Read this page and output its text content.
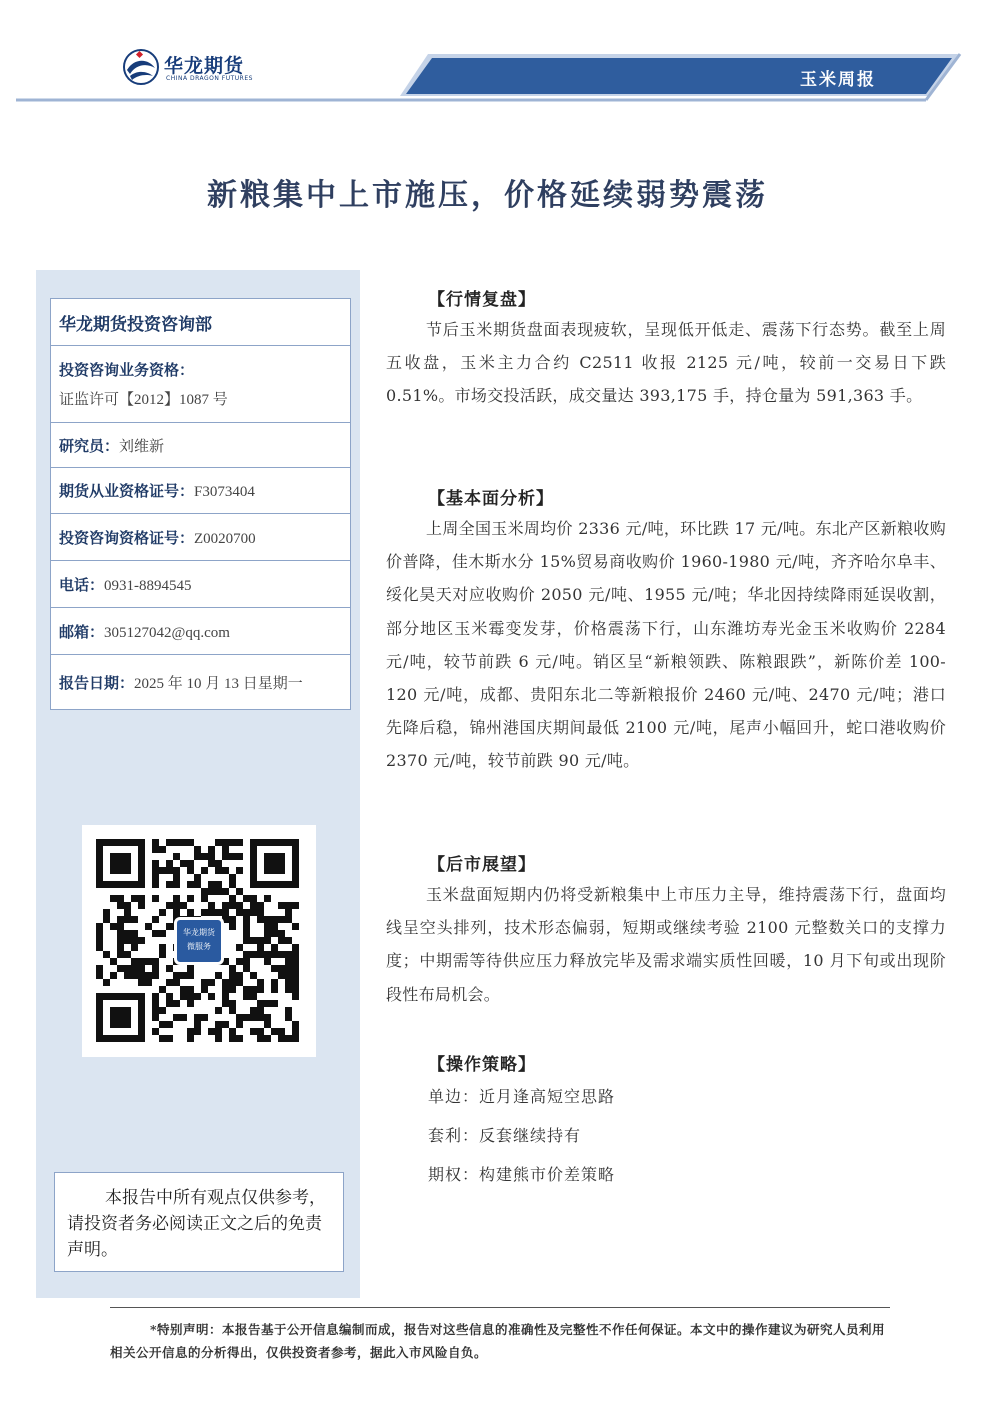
华龙期货
CHINA DRAGON FUTURES	玉米周报
新粮集中上市施压，价格延续弱势震荡
华龙期货投资咨询部
投资咨询业务资格：
证监许可【2012】1087 号
研究员：刘维新
期货从业资格证号：F3073404
投资咨询资格证号：Z0020700
电话：0931-8894545
邮箱：305127042@qq.com
报告日期：2025 年 10 月 13 日星期一
华龙期货
微服务
本报告中所有观点仅供参考，请投资者务必阅读正文之后的免责声明。
【行情复盘】
节后玉米期货盘面表现疲软，呈现低开低走、震荡下行态势。截至上周五收盘，玉米主力合约 C2511 收报 2125 元/吨，较前一交易日下跌 0.51%。市场交投活跃，成交量达 393,175 手，持仓量为 591,363 手。
【基本面分析】
上周全国玉米周均价 2336 元/吨，环比跌 17 元/吨。东北产区新粮收购价普降，佳木斯水分 15%贸易商收购价 1960-1980 元/吨，齐齐哈尔阜丰、绥化昊天对应收购价 2050 元/吨、1955 元/吨；华北因持续降雨延误收割，部分地区玉米霉变发芽，价格震荡下行，山东潍坊寿光金玉米收购价 2284 元/吨，较节前跌 6 元/吨。销区呈“新粮领跌、陈粮跟跌”，新陈价差 100-120 元/吨，成都、贵阳东北二等新粮报价 2460 元/吨、2470 元/吨；港口先降后稳，锦州港国庆期间最低 2100 元/吨，尾声小幅回升，蛇口港收购价 2370 元/吨，较节前跌 90 元/吨。
【后市展望】
玉米盘面短期内仍将受新粮集中上市压力主导，维持震荡下行，盘面均线呈空头排列，技术形态偏弱，短期或继续考验 2100 元整数关口的支撑力度；中期需等待供应压力释放完毕及需求端实质性回暖，10 月下旬或出现阶段性布局机会。
【操作策略】
单边：近月逢高短空思路
套利：反套继续持有
期权：构建熊市价差策略
*特别声明：本报告基于公开信息编制而成，报告对这些信息的准确性及完整性不作任何保证。本文中的操作建议为研究人员利用相关公开信息的分析得出，仅供投资者参考，据此入市风险自负。
